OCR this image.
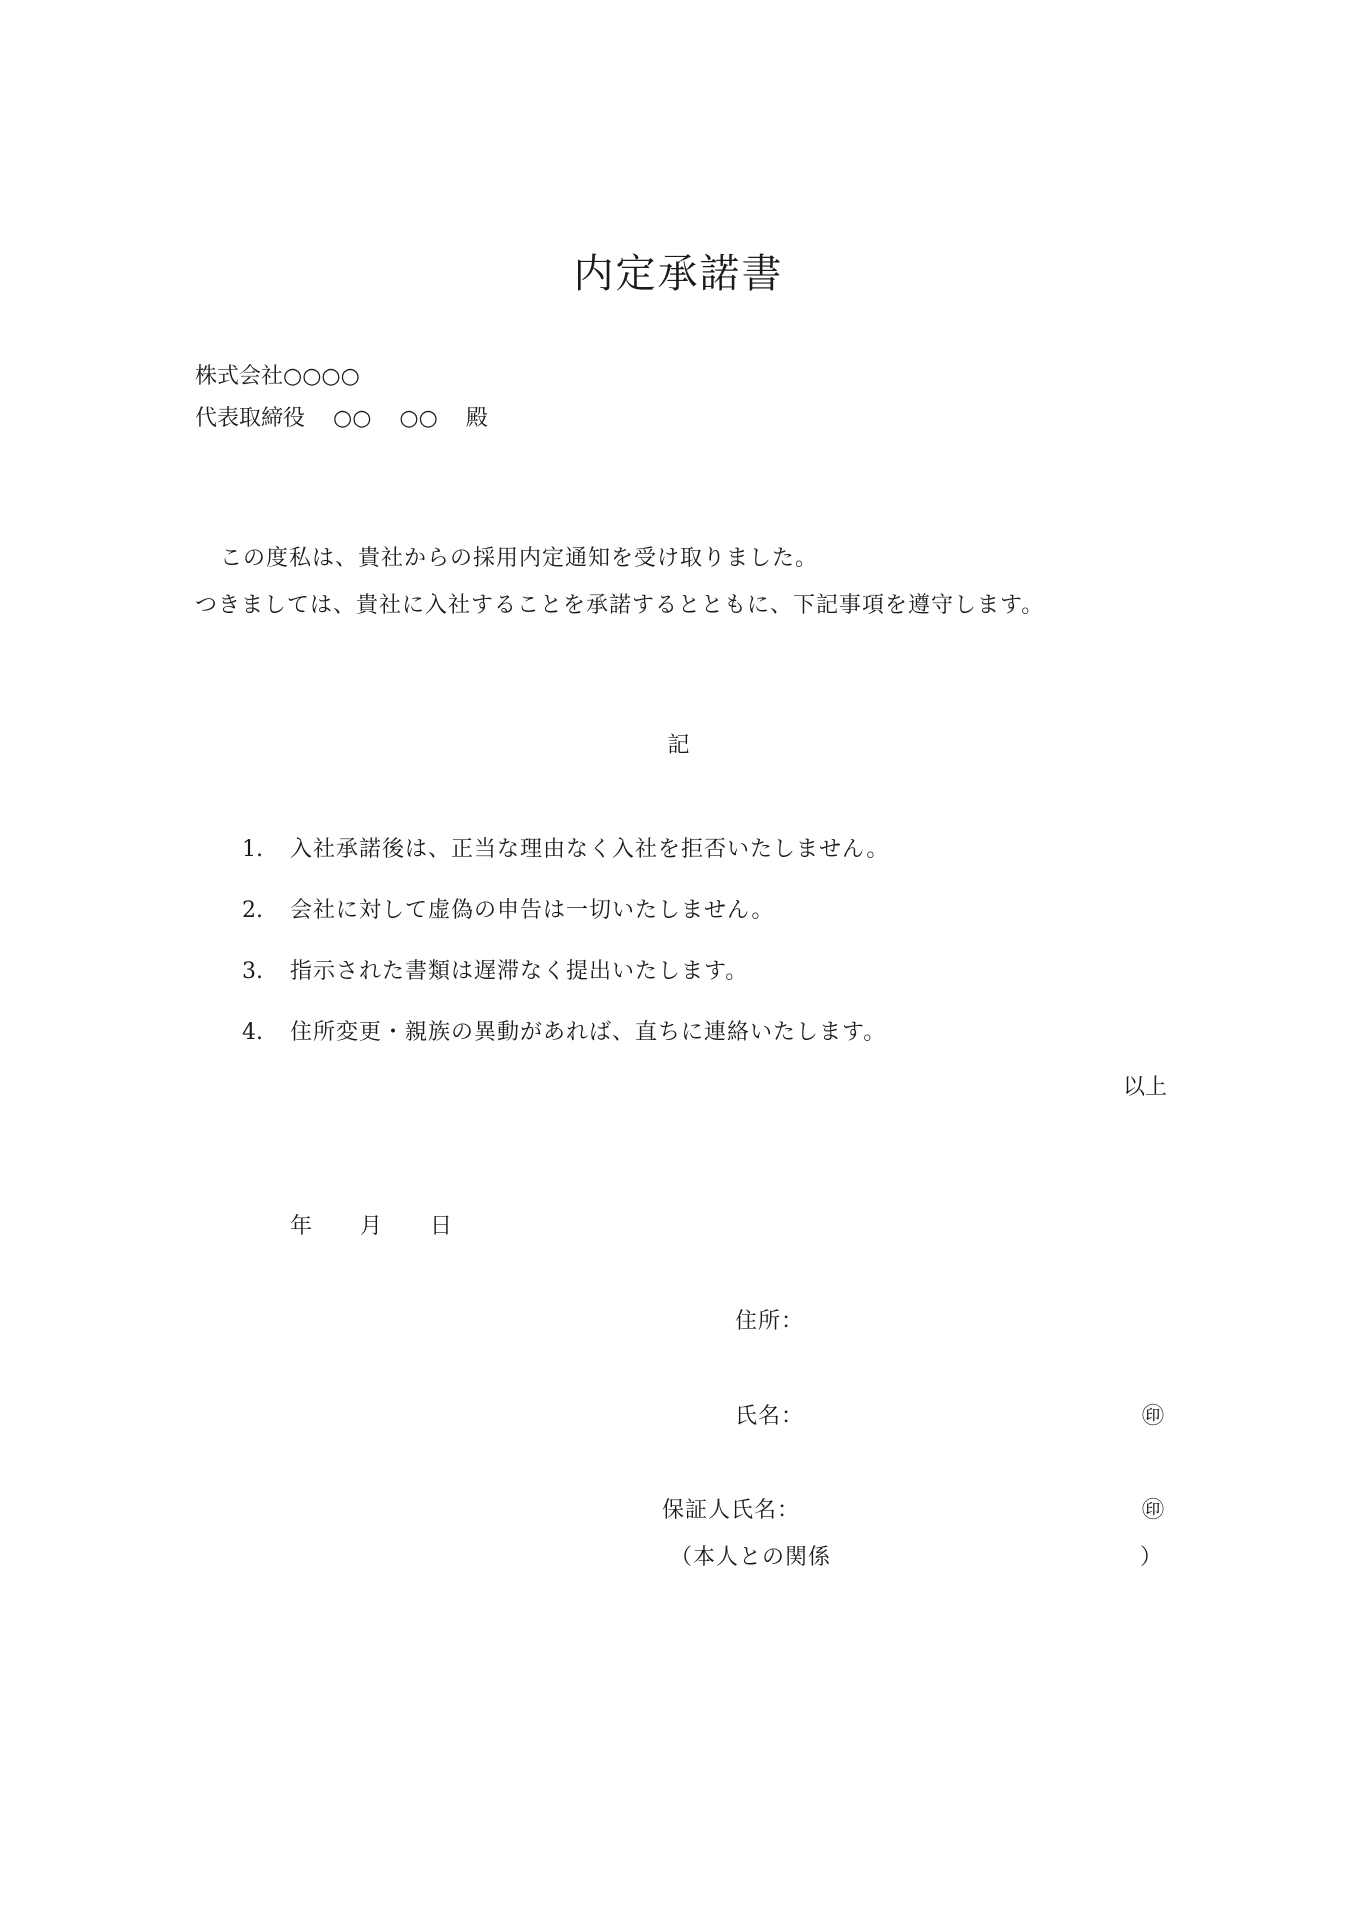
内定承諾書
株式会社○○○○
代表取締役 ○○ ○○ 殿
この度私は、貴社からの採用内定通知を受け取りました。
つきましては、貴社に入社することを承諾するとともに、下記事項を遵守します。
記
1. 入社承諾後は、正当な理由なく入社を拒否いたしません。
2. 会社に対して虚偽の申告は一切いたしません。
3. 指示された書類は遅滞なく提出いたします。
4. 住所変更・親族の異動があれば、直ちに連絡いたします。
以上
年 月 日
住所：
氏名：	㊞
保証人氏名：	㊞
（本人との関係	）
